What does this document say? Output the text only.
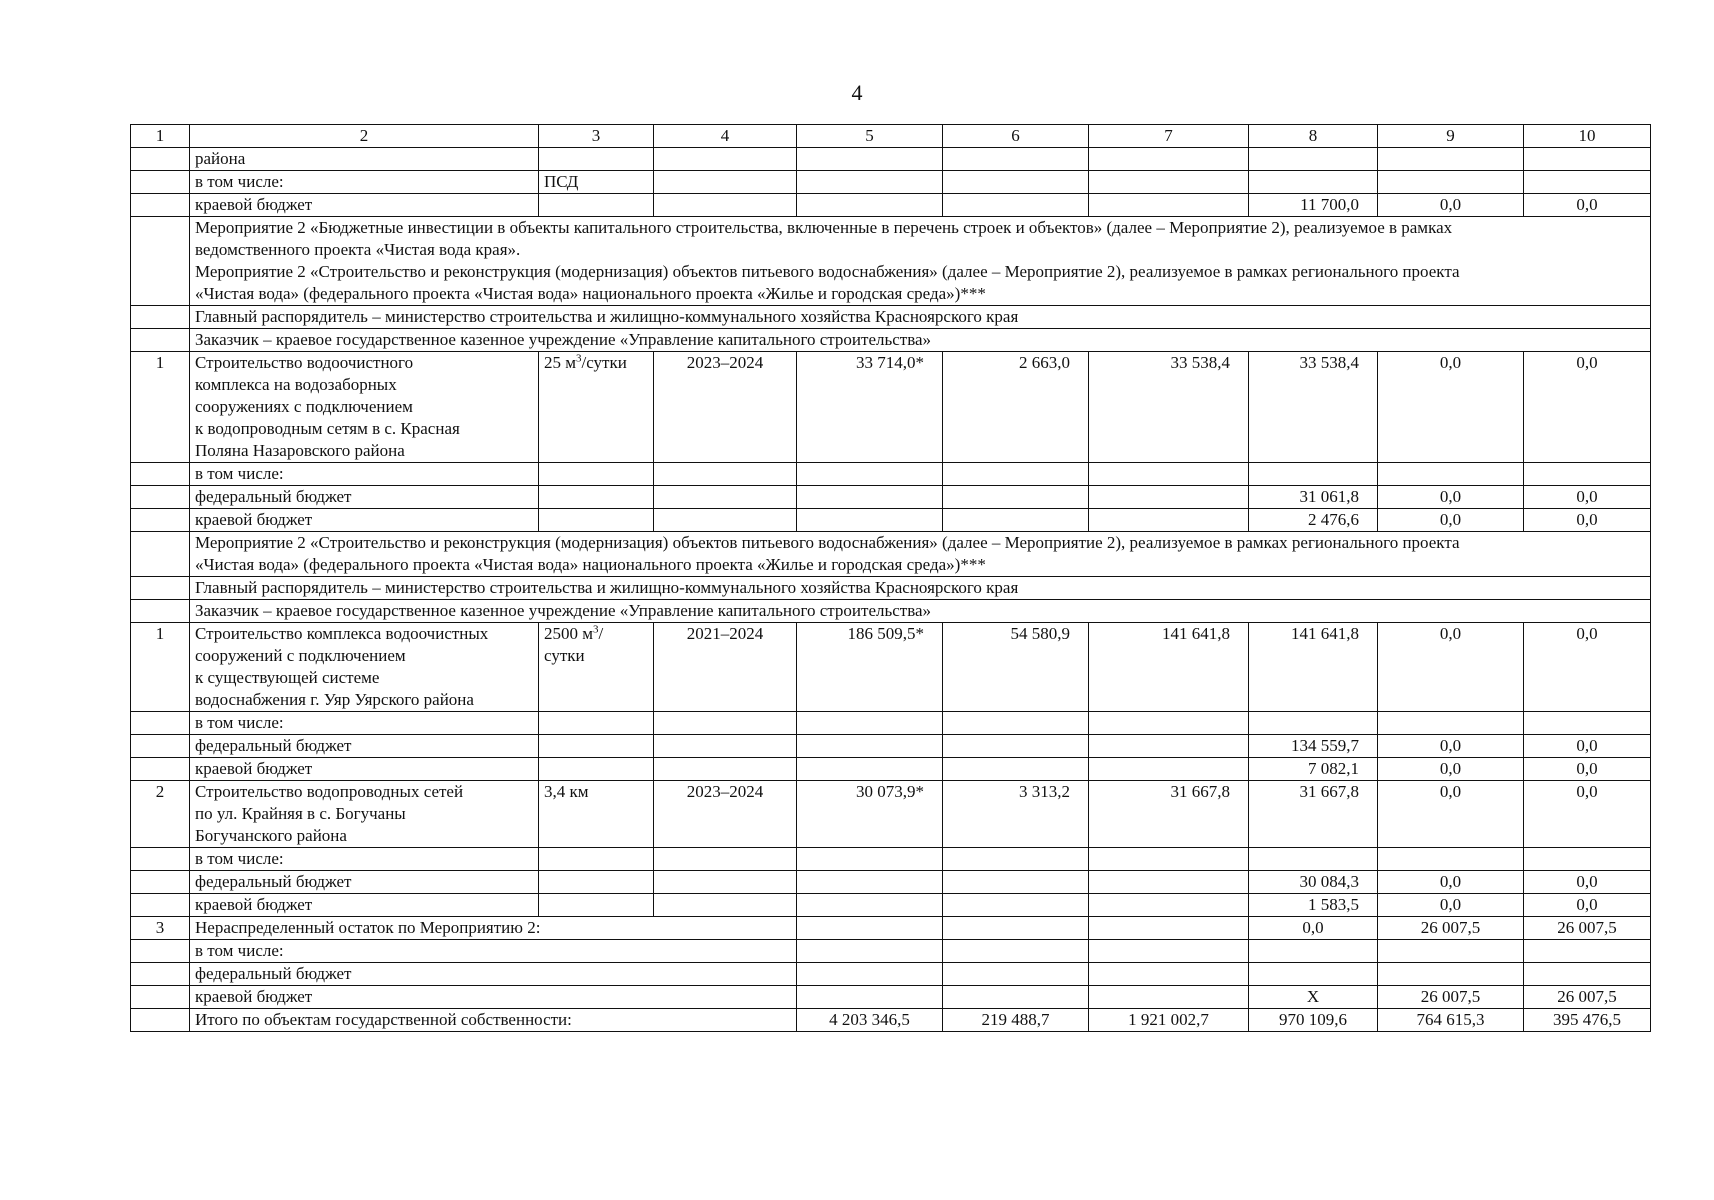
4
1	2	3	4	5	6	7	8	9	10
	района								
	в том числе:	ПСД							
	краевой бюджет						11 700,0	0,0	0,0

	Мероприятие 2 «Бюджетные инвестиции в объекты капитального строительства, включенные в перечень строек и объектов» (далее – Мероприятие 2), реализуемое в рамках
ведомственного проекта «Чистая вода края».
Мероприятие 2 «Строительство и реконструкция (модернизация) объектов питьевого водоснабжения» (далее – Мероприятие 2), реализуемое в рамках регионального проекта
«Чистая вода» (федерального проекта «Чистая вода» национального проекта «Жилье и городская среда»)***								

	Главный распорядитель – министерство строительства и жилищно-коммунального хозяйства Красноярского края								

	Заказчик – краевое государственное казенное учреждение «Управление капитального строительства»								

1	Строительство водоочистного
комплекса на водозаборных
сооружениях с подключением
к водопроводным сетям в с. Красная
Поляна Назаровского района	25 $м^3$/сутки	2023–2024	33 714,0*	2 663,0	33 538,4	33 538,4	0,0	0,0
	в том числе:								
	федеральный бюджет						31 061,8	0,0	0,0
	краевой бюджет						2 476,6	0,0	0,0

	Мероприятие 2 «Строительство и реконструкция (модернизация) объектов питьевого водоснабжения» (далее – Мероприятие 2), реализуемое в рамках регионального проекта
«Чистая вода» (федерального проекта «Чистая вода» национального проекта «Жилье и городская среда»)***								

	Главный распорядитель – министерство строительства и жилищно-коммунального хозяйства Красноярского края								

	Заказчик – краевое государственное казенное учреждение «Управление капитального строительства»								

1	Строительство комплекса водоочистных
сооружений с подключением
к существующей системе
водоснабжения г. Уяр Уярского района	2500 $м^3/$ сутки	2021–2024	186 509,5*	54 580,9	141 641,8	141 641,8	0,0	0,0
	в том числе:								
	федеральный бюджет						134 559,7	0,0	0,0
	краевой бюджет						7 082,1	0,0	0,0
2	Строительство водопроводных сетей
по ул. Крайняя в с. Богучаны
Богучанского района	3,4 км	2023–2024	30 073,9*	3 313,2	31 667,8	31 667,8	0,0	0,0
	в том числе:								
	федеральный бюджет						30 084,3	0,0	0,0
	краевой бюджет						1 583,5	0,0	0,0
3	Нераспределенный остаток по Мероприятию 2:						0,0	26 007,5	26 007,5
	в том числе:								
	федеральный бюджет								
	краевой бюджет						Х	26 007,5	26 007,5
	Итого по объектам государственной собственности:			4 203 346,5	219 488,7	1 921 002,7	970 109,6	764 615,3	395 476,5
